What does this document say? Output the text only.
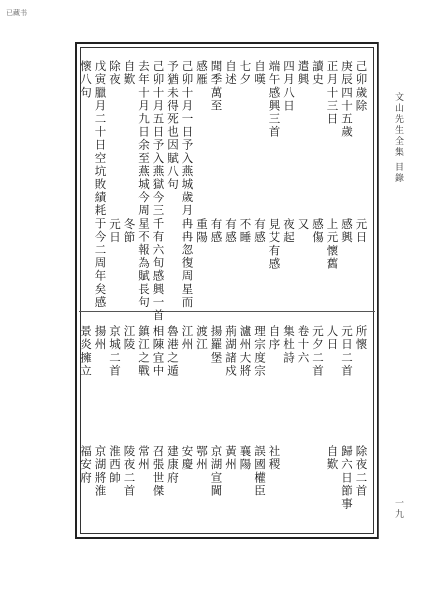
已藏书
文山先生全集
目錄
一九
己卯歲除
元日
庚辰四十五歲
感興
正月十三日
上元懷舊
讀史
感傷
遣興
又
四月八日
夜起
端午感興三首
見艾有感
自嘆
有感
七夕
不睡
自述
有感
聞季萬至
有感
感雁
重陽
己卯十月一日予入燕城歲月冉冉忽復周星而
予猶未得死也因賦八句
己卯十月五日予入燕獄今三千有六旬感興一首
去年十月九日余至燕城今周星不報為賦長句
自歎
冬節
除夜
元日
戊寅臘月二十日空坑敗績耗于今二周年矣感
懷八句
所懷
除夜二首
元日二首
歸六日節事
人日
自歎
元夕二首
卷十六
集杜詩
自序
社稷
理宗度宗
誤國權臣
瀘州大將
襄陽
荊湖諸戍
黃州
揚羅堡
京湖宣閫
渡江
鄂州
江州
安慶
魯港之遁
建康府
相陳宜中
召張世傑
鎮江之戰
常州
江陵
陵夜二首
京城二首
淮西帥
揚州
京湖將淮
景炎擁立
福安府
